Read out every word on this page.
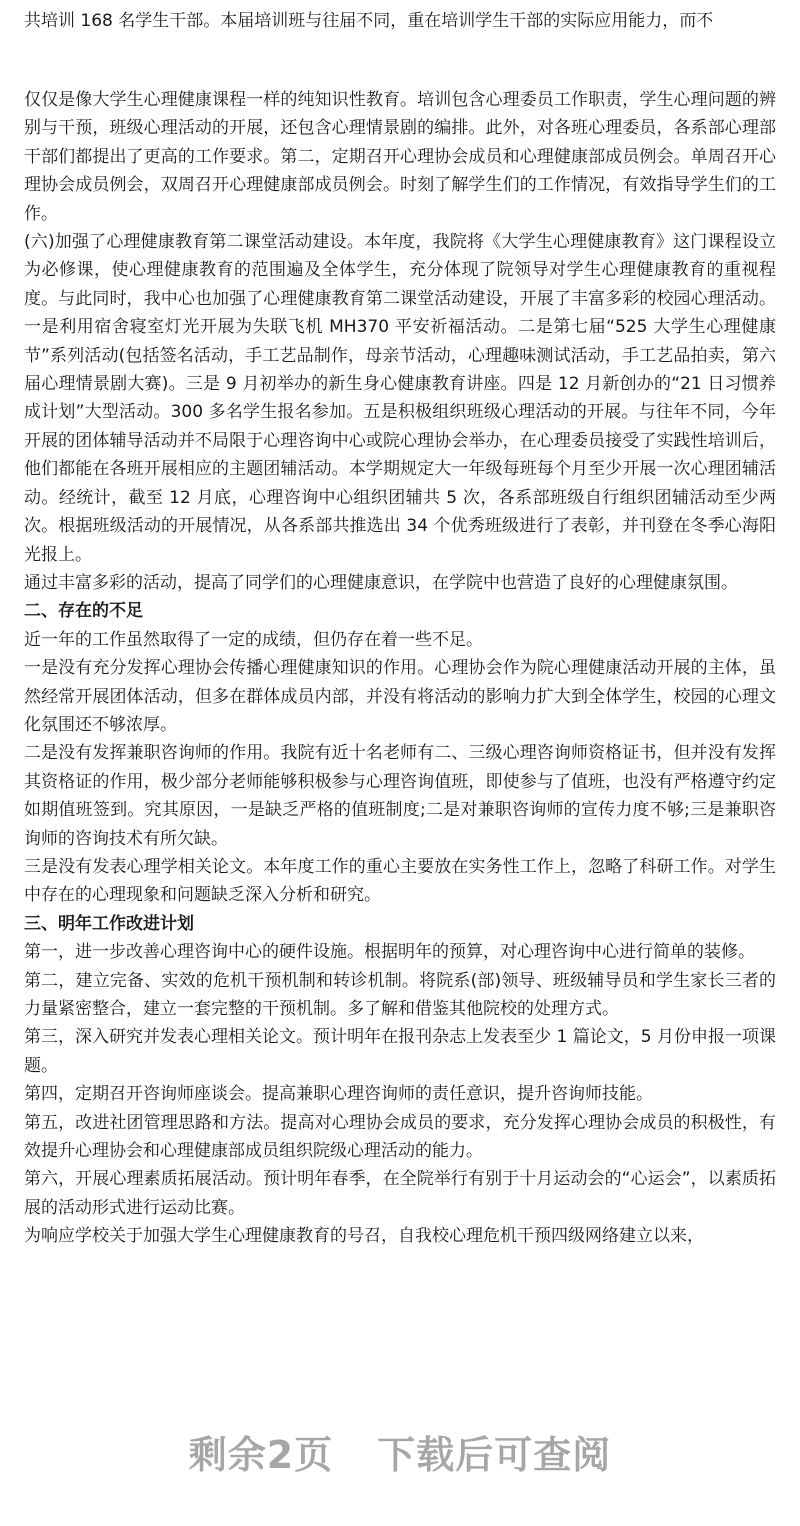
共培训 168 名学生干部。本届培训班与往届不同，重在培训学生干部的实际应用能力，而不

仅仅是像大学生心理健康课程一样的纯知识性教育。培训包含心理委员工作职责，学生心理问题的辨别与干预，班级心理活动的开展，还包含心理情景剧的编排。此外，对各班心理委员，各系部心理部干部们都提出了更高的工作要求。第二，定期召开心理协会成员和心理健康部成员例会。单周召开心理协会成员例会，双周召开心理健康部成员例会。时刻了解学生们的工作情况，有效指导学生们的工作。

(六)加强了心理健康教育第二课堂活动建设。本年度，我院将《大学生心理健康教育》这门课程设立为必修课，使心理健康教育的范围遍及全体学生，充分体现了院领导对学生心理健康教育的重视程度。与此同时，我中心也加强了心理健康教育第二课堂活动建设，开展了丰富多彩的校园心理活动。一是利用宿舍寝室灯光开展为失联飞机 MH370 平安祈福活动。二是第七届“525 大学生心理健康节”系列活动(包括签名活动，手工艺品制作，母亲节活动，心理趣味测试活动，手工艺品拍卖，第六届心理情景剧大赛)。三是 9 月初举办的新生身心健康教育讲座。四是 12 月新创办的“21 日习惯养成计划”大型活动。300 多名学生报名参加。五是积极组织班级心理活动的开展。与往年不同，今年开展的团体辅导活动并不局限于心理咨询中心或院心理协会举办，在心理委员接受了实践性培训后，他们都能在各班开展相应的主题团辅活动。本学期规定大一年级每班每个月至少开展一次心理团辅活动。经统计，截至 12 月底，心理咨询中心组织团辅共 5 次，各系部班级自行组织团辅活动至少两次。根据班级活动的开展情况，从各系部共推选出 34 个优秀班级进行了表彰，并刊登在冬季心海阳光报上。

通过丰富多彩的活动，提高了同学们的心理健康意识，在学院中也营造了良好的心理健康氛围。

二、存在的不足

近一年的工作虽然取得了一定的成绩，但仍存在着一些不足。

一是没有充分发挥心理协会传播心理健康知识的作用。心理协会作为院心理健康活动开展的主体，虽然经常开展团体活动，但多在群体成员内部，并没有将活动的影响力扩大到全体学生，校园的心理文化氛围还不够浓厚。

二是没有发挥兼职咨询师的作用。我院有近十名老师有二、三级心理咨询师资格证书，但并没有发挥其资格证的作用，极少部分老师能够积极参与心理咨询值班，即使参与了值班，也没有严格遵守约定如期值班签到。究其原因，一是缺乏严格的值班制度;二是对兼职咨询师的宣传力度不够;三是兼职咨询师的咨询技术有所欠缺。

三是没有发表心理学相关论文。本年度工作的重心主要放在实务性工作上，忽略了科研工作。对学生中存在的心理现象和问题缺乏深入分析和研究。

三、明年工作改进计划

第一，进一步改善心理咨询中心的硬件设施。根据明年的预算，对心理咨询中心进行简单的装修。

第二，建立完备、实效的危机干预机制和转诊机制。将院系(部)领导、班级辅导员和学生家长三者的力量紧密整合，建立一套完整的干预机制。多了解和借鉴其他院校的处理方式。

第三，深入研究并发表心理相关论文。预计明年在报刊杂志上发表至少 1 篇论文，5 月份申报一项课题。

第四，定期召开咨询师座谈会。提高兼职心理咨询师的责任意识，提升咨询师技能。

第五，改进社团管理思路和方法。提高对心理协会成员的要求，充分发挥心理协会成员的积极性，有效提升心理协会和心理健康部成员组织院级心理活动的能力。

第六，开展心理素质拓展活动。预计明年春季，在全院举行有别于十月运动会的“心运会”，以素质拓展的活动形式进行运动比赛。

为响应学校关于加强大学生心理健康教育的号召，自我校心理危机干预四级网络建立以来，

剩余2页 下载后可查阅
